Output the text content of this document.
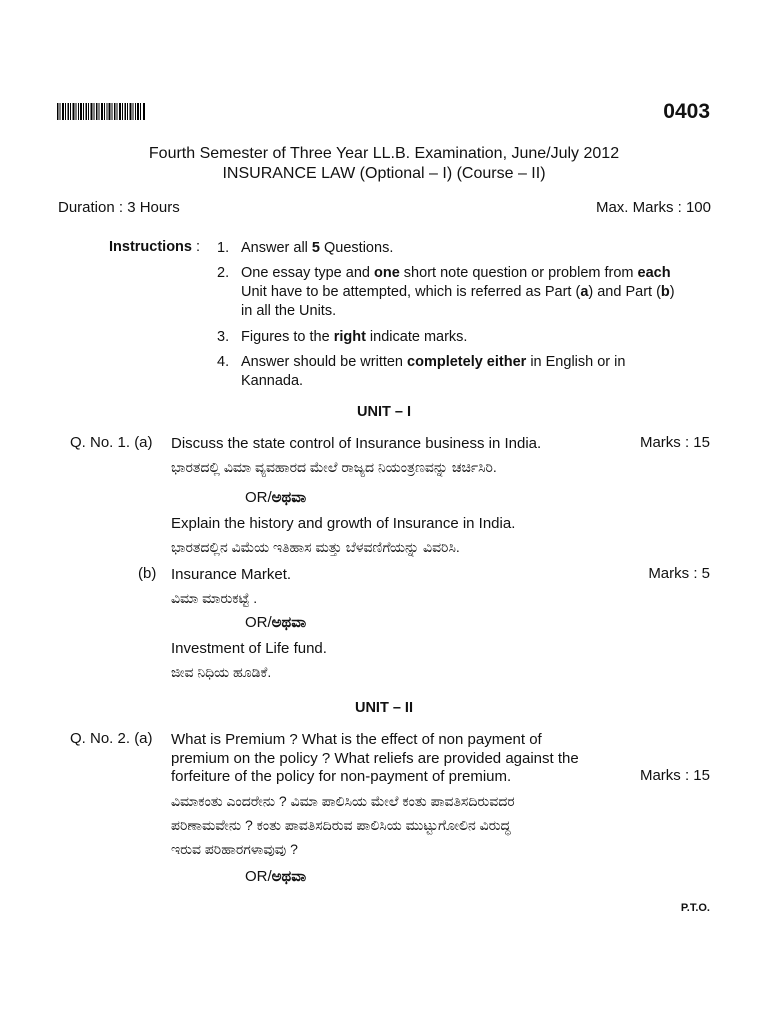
0403
Fourth Semester of Three Year LL.B. Examination, June/July 2012
INSURANCE LAW (Optional – I) (Course – II)
Duration : 3 Hours	Max. Marks : 100
Instructions : 1. Answer all 5 Questions.
2. One essay type and one short note question or problem from each Unit have to be attempted, which is referred as Part (a) and Part (b) in all the Units.
3. Figures to the right indicate marks.
4. Answer should be written completely either in English or in Kannada.
UNIT – I
Q. No. 1. (a) Discuss the state control of Insurance business in India.	Marks : 15
ಭಾರತದಲ್ಲಿ ವಿಮಾ ವ್ಯವಹಾರದ ಮೇಲೆ ರಾಜ್ಯದ ನಿಯಂತ್ರಣವನ್ನು ಚರ್ಚಿಸಿರಿ.
OR/ಅಥವಾ
Explain the history and growth of Insurance in India.
ಭಾರತದಲ್ಲಿನ ವಿಮೆಯ ಇತಿಹಾಸ ಮತ್ತು ಬೆಳವಣಿಗೆಯನ್ನು ವಿವರಿಸಿ.
(b) Insurance Market.	Marks : 5
ವಿಮಾ ಮಾರುಕಟ್ಟೆ .
OR/ಅಥವಾ
Investment of Life fund.
ಜೀವ ನಿಧಿಯ ಹೂಡಿಕೆ.
UNIT – II
Q. No. 2. (a) What is Premium ? What is the effect of non payment of
premium on the policy ? What reliefs are provided against the
forfeiture of the policy for non-payment of premium.	Marks : 15
ವಿಮಾಕಂತು ಎಂದರೇನು ? ವಿಮಾ ಪಾಲಿಸಿಯ ಮೇಲೆ ಕಂತು ಪಾವತಿಸದಿರುವದರ
ಪರಿಣಾಮವೇನು ? ಕಂತು ಪಾವತಿಸದಿರುವ ಪಾಲಿಸಿಯ ಮುಟ್ಟುಗೋಲಿನ ವಿರುದ್ಧ
ಇರುವ ಪರಿಹಾರಗಳಾವುವು ?
OR/ಅಥವಾ
P.T.O.
